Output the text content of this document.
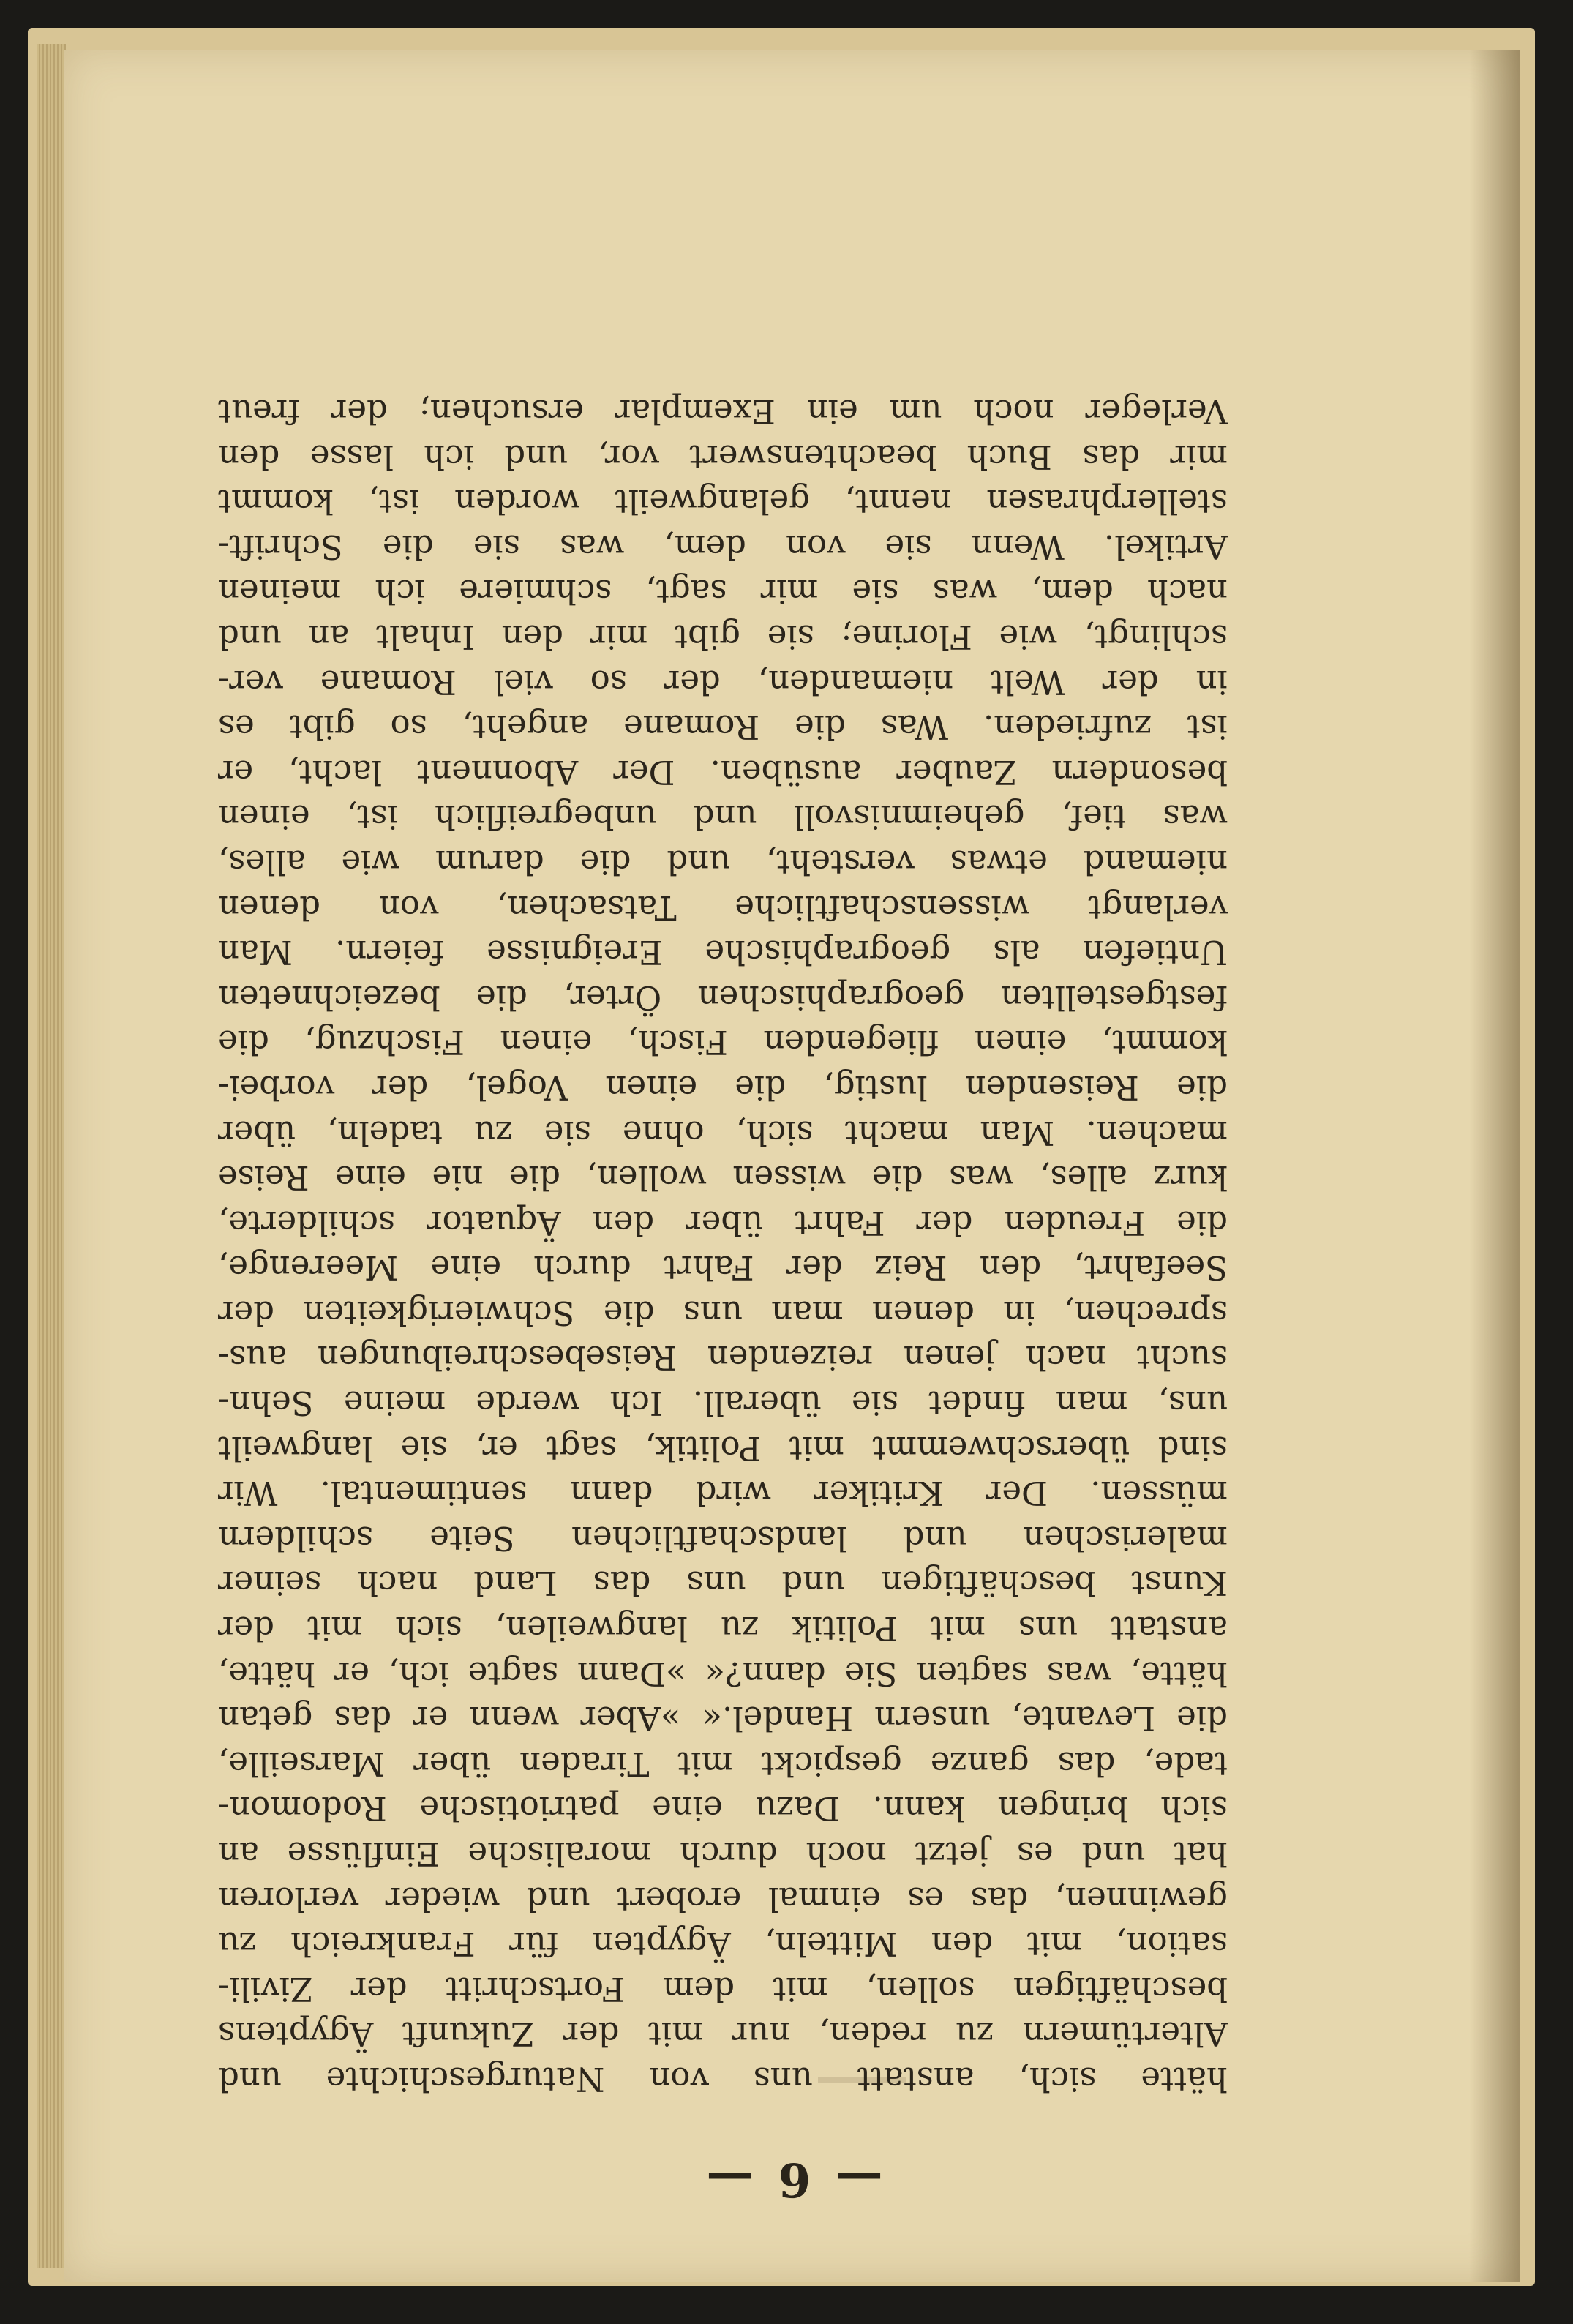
— 6 —
hätte sich, anstatt uns von Naturgeschichte und
Altertümern zu reden, nur mit der Zukunft Ägyptens
beschäftigen sollen, mit dem Fortschritt der Zivili-
sation, mit den Mitteln, Ägypten für Frankreich zu
gewinnen, das es einmal erobert und wieder verloren
hat und es jetzt noch durch moralische Einflüsse an
sich bringen kann. Dazu eine patriotische Rodomon-
tade, das ganze gespickt mit Tiraden über Marseille,
die Levante, unsern Handel.« »Aber wenn er das getan
hätte, was sagten Sie dann?« »Dann sagte ich, er hätte,
anstatt uns mit Politik zu langweilen, sich mit der
Kunst beschäftigen und uns das Land nach seiner
malerischen und landschaftlichen Seite schildern
müssen. Der Kritiker wird dann sentimental. Wir
sind überschwemmt mit Politik, sagt er, sie langweilt
uns, man findet sie überall. Ich werde meine Sehn-
sucht nach jenen reizenden Reisebeschreibungen aus-
sprechen, in denen man uns die Schwierigkeiten der
Seefahrt, den Reiz der Fahrt durch eine Meerenge,
die Freuden der Fahrt über den Äquator schilderte,
kurz alles, was die wissen wollen, die nie eine Reise
machen. Man macht sich, ohne sie zu tadeln, über
die Reisenden lustig, die einen Vogel, der vorbei-
kommt, einen fliegenden Fisch, einen Fischzug, die
festgestellten geographischen Örter, die bezeichneten
Untiefen als geographische Ereignisse feiern. Man
verlangt wissenschaftliche Tatsachen, von denen
niemand etwas versteht, und die darum wie alles,
was tief, geheimnisvoll und unbegreiflich ist, einen
besondern Zauber ausüben. Der Abonnent lacht, er
ist zufrieden. Was die Romane angeht, so gibt es
in der Welt niemanden, der so viel Romane ver-
schlingt, wie Florine; sie gibt mir den Inhalt an und
nach dem, was sie mir sagt, schmiere ich meinen
Artikel. Wenn sie von dem, was sie die Schrift-
stellerphrasen nennt, gelangweilt worden ist, kommt
mir das Buch beachtenswert vor, und ich lasse den
Verleger noch um ein Exemplar ersuchen; der freut
